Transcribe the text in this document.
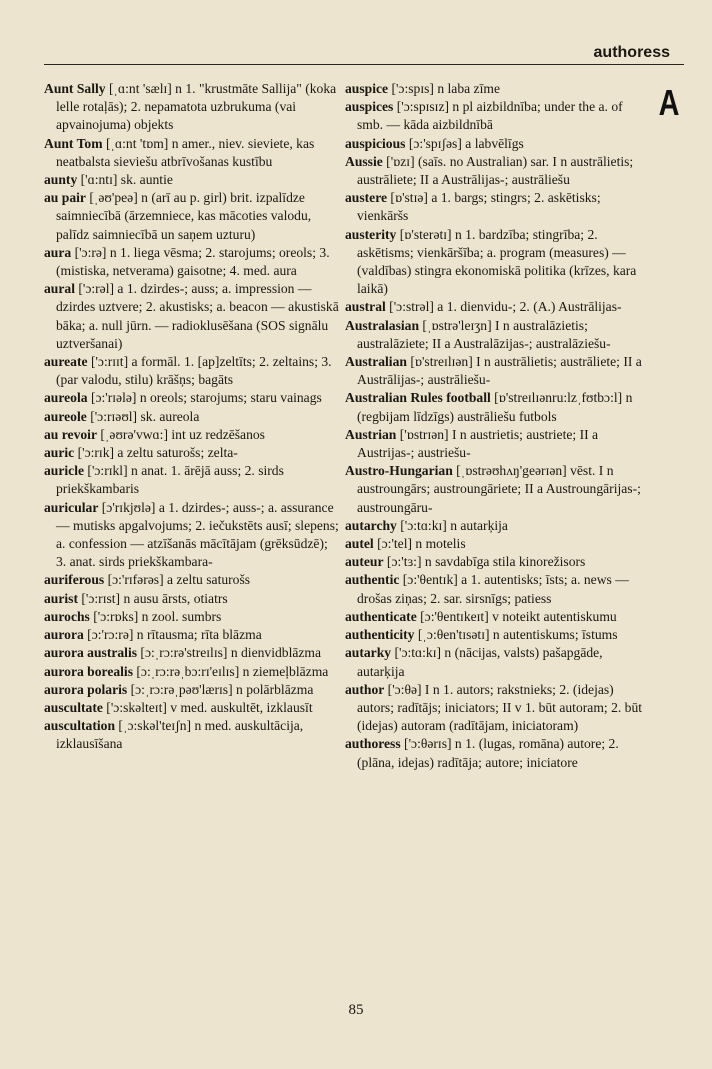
authoress
A

Aunt Sally [ˌɑ:nt 'sælɪ] n 1. "krustmāte Sallija" (koka lelle rotaļās); 2. nepamatota uzbrukuma (vai apvainojuma) objekts

Aunt Tom [ˌɑ:nt 'tɒm] n amer., niev. sieviete, kas neatbalsta sieviešu atbrīvošanas kustību

aunty ['ɑ:ntɪ] sk. auntie

au pair [ˌəʊ'peə] n (arī au p. girl) brit. izpalīdze saimniecībā (ārzemniece, kas mācoties valodu, palīdz saimniecībā un saņem uzturu)

aura ['ɔ:rə] n 1. liega vēsma; 2. starojums; oreols; 3. (mistiska, netverama) gaisotne; 4. med. aura

aural ['ɔ:rəl] a 1. dzirdes-; auss; a. impression — dzirdes uztvere; 2. akustisks; a. beacon — akustiskā bāka; a. null jūrn. — radioklusēšana (SOS signālu uztveršanai)

aureate ['ɔ:rɪɪt] a formāl. 1. [ap]zeltīts; 2. zeltains; 3. (par valodu, stilu) krāšņs; bagāts

aureola [ɔ:'rɪələ] n oreols; starojums; staru vainags

aureole ['ɔ:rɪəʊl] sk. aureola

au revoir [ˌəʊrə'vwɑ:] int uz redzēšanos

auric ['ɔ:rɪk] a zeltu saturošs; zelta-

auricle ['ɔ:rɪkl] n anat. 1. ārējā auss; 2. sirds priekškambaris

auricular [ɔ'rɪkjʊlə] a 1. dzirdes-; auss-; a. assurance — mutisks apgalvojums; 2. iečukstēts ausī; slepens; a. confession — atzīšanās mācītājam (grēksūdzē); 3. anat. sirds priekškambara-

auriferous [ɔ:'rɪfərəs] a zeltu saturošs

aurist ['ɔ:rɪst] n ausu ārsts, otiatrs

aurochs ['ɔ:rɒks] n zool. sumbrs

aurora [ɔ:'rɔ:rə] n rītausma; rīta blāzma

aurora australis [ɔ:ˌrɔ:rə'streɪlɪs] n dienvidblāzma

aurora borealis [ɔ:ˌrɔ:rəˌbɔ:rɪ'eɪlɪs] n ziemeļblāzma

aurora polaris [ɔ:ˌrɔ:rəˌpəʊ'lærɪs] n polārblāzma

auscultate ['ɔ:skəlteɪt] v med. auskultēt, izklausīt

auscultation [ˌɔ:skəl'teɪʃn] n med. auskultācija, izklausīšana

auspice ['ɔ:spɪs] n laba zīme

auspices ['ɔ:spɪsɪz] n pl aizbildnība; under the a. of smb. — kāda aizbildnībā

auspicious [ɔ:'spɪʃəs] a labvēlīgs

Aussie ['ɒzɪ] (saīs. no Australian) sar. I n austrālietis; austrāliete; II a Austrālijas-; austrāliešu

austere [ɒ'stɪə] a 1. bargs; stingrs; 2. askētisks; vienkāršs

austerity [ɒ'sterətɪ] n 1. bardzība; stingrība; 2. askētisms; vienkāršība; a. program (measures) — (valdības) stingra ekonomiskā politika (krīzes, kara laikā)

austral ['ɔ:strəl] a 1. dienvidu-; 2. (A.) Austrālijas-

Australasian [ˌɒstrə'leɪʒn] I n australāzietis; australāziete; II a Australāzijas-; australāziešu-

Australian [ɒ'streɪlɪən] I n austrālietis; austrāliete; II a Austrālijas-; austrāliešu-

Australian Rules football [ɒ'streɪlɪənru:lzˌfʊtbɔ:l] n (regbijam līdzīgs) austrāliešu futbols

Austrian ['ɒstrɪən] I n austrietis; austriete; II a Austrijas-; austriešu-

Austro-Hungarian [ˌɒstrəʊhʌŋ'geərɪən] vēst. I n austroungārs; austroungāriete; II a Austroungārijas-; austroungāru-

autarchy ['ɔ:tɑ:kɪ] n autarķija

autel [ɔ:'tel] n motelis

auteur [ɔ:'tɜ:] n savdabīga stila kinorežisors

authentic [ɔ:'θentɪk] a 1. autentisks; īsts; a. news — drošas ziņas; 2. sar. sirsnīgs; patiess

authenticate [ɔ:'θentɪkeɪt] v noteikt autentiskumu

authenticity [ˌɔ:θen'tɪsətɪ] n autentiskums; īstums

autarky ['ɔ:tɑ:kɪ] n (nācijas, valsts) pašapgāde, autarķija

author ['ɔ:θə] I n 1. autors; rakstnieks; 2. (idejas) autors; radītājs; iniciators; II v 1. būt autoram; 2. būt (idejas) autoram (radītājam, iniciatoram)

authoress ['ɔ:θərɪs] n 1. (lugas, romāna) autore; 2. (plāna, idejas) radītāja; autore; iniciatore

85
